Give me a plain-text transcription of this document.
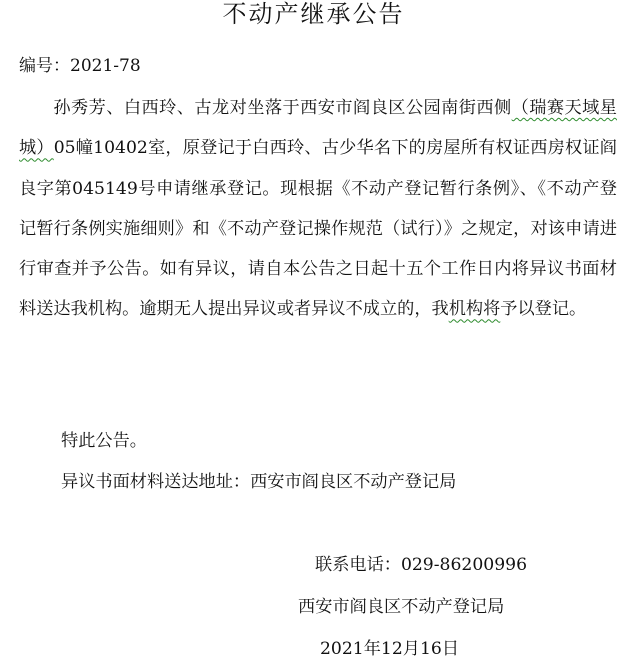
不动产继承公告
编号：2021-78

孙秀芳、白西玲、古龙对坐落于西安市阎良区公园南街西侧（瑞赛天域星城）05幢10402室，原登记于白西玲、古少华名下的房屋所有权证西房权证阎良字第045149号申请继承登记。现根据《不动产登记暂行条例》、《不动产登记暂行条例实施细则》和《不动产登记操作规范（试行）》之规定，对该申请进行审查并予公告。如有异议，请自本公告之日起十五个工作日内将异议书面材料送达我机构。逾期无人提出异议或者异议不成立的，我机构将予以登记。

特此公告。
异议书面材料送达地址：西安市阎良区不动产登记局
联系电话：029-86200996
西安市阎良区不动产登记局
2021年12月16日
